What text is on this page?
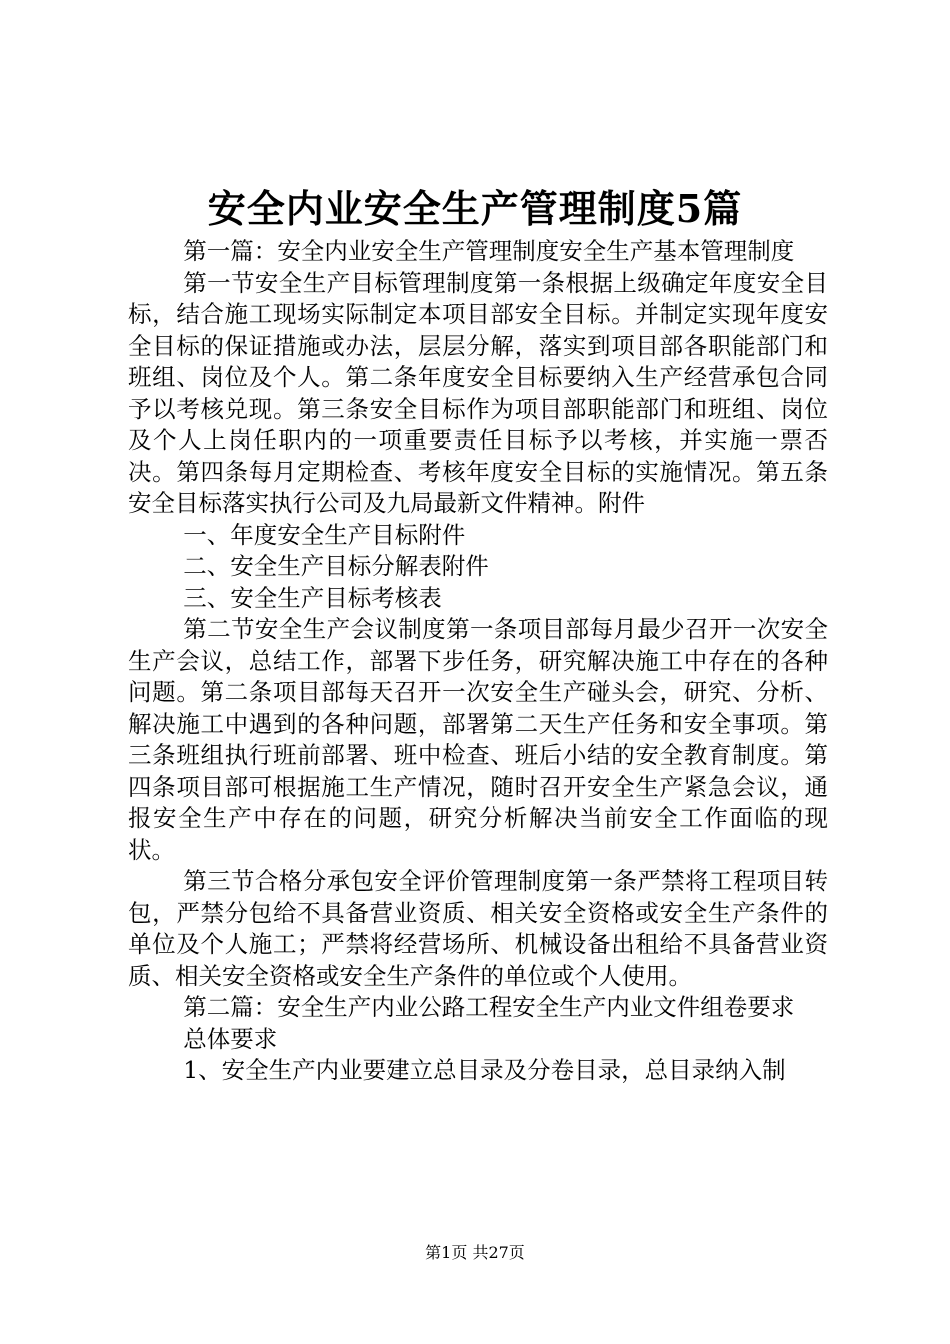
安全内业安全生产管理制度5篇

第一篇：安全内业安全生产管理制度安全生产基本管理制度

第一节安全生产目标管理制度第一条根据上级确定年度安全目标，结合施工现场实际制定本项目部安全目标。并制定实现年度安全目标的保证措施或办法，层层分解，落实到项目部各职能部门和班组、岗位及个人。第二条年度安全目标要纳入生产经营承包合同予以考核兑现。第三条安全目标作为项目部职能部门和班组、岗位及个人上岗任职内的一项重要责任目标予以考核，并实施一票否决。第四条每月定期检查、考核年度安全目标的实施情况。第五条安全目标落实执行公司及九局最新文件精神。附件

一、年度安全生产目标附件

二、安全生产目标分解表附件

三、安全生产目标考核表

第二节安全生产会议制度第一条项目部每月最少召开一次安全生产会议，总结工作，部署下步任务，研究解决施工中存在的各种问题。第二条项目部每天召开一次安全生产碰头会，研究、分析、解决施工中遇到的各种问题，部署第二天生产任务和安全事项。第三条班组执行班前部署、班中检查、班后小结的安全教育制度。第四条项目部可根据施工生产情况，随时召开安全生产紧急会议，通报安全生产中存在的问题，研究分析解决当前安全工作面临的现状。

第三节合格分承包安全评价管理制度第一条严禁将工程项目转包，严禁分包给不具备营业资质、相关安全资格或安全生产条件的单位及个人施工；严禁将经营场所、机械设备出租给不具备营业资质、相关安全资格或安全生产条件的单位或个人使用。

第二篇：安全生产内业公路工程安全生产内业文件组卷要求

总体要求

1、安全生产内业要建立总目录及分卷目录，总目录纳入制

第1页 共27页
